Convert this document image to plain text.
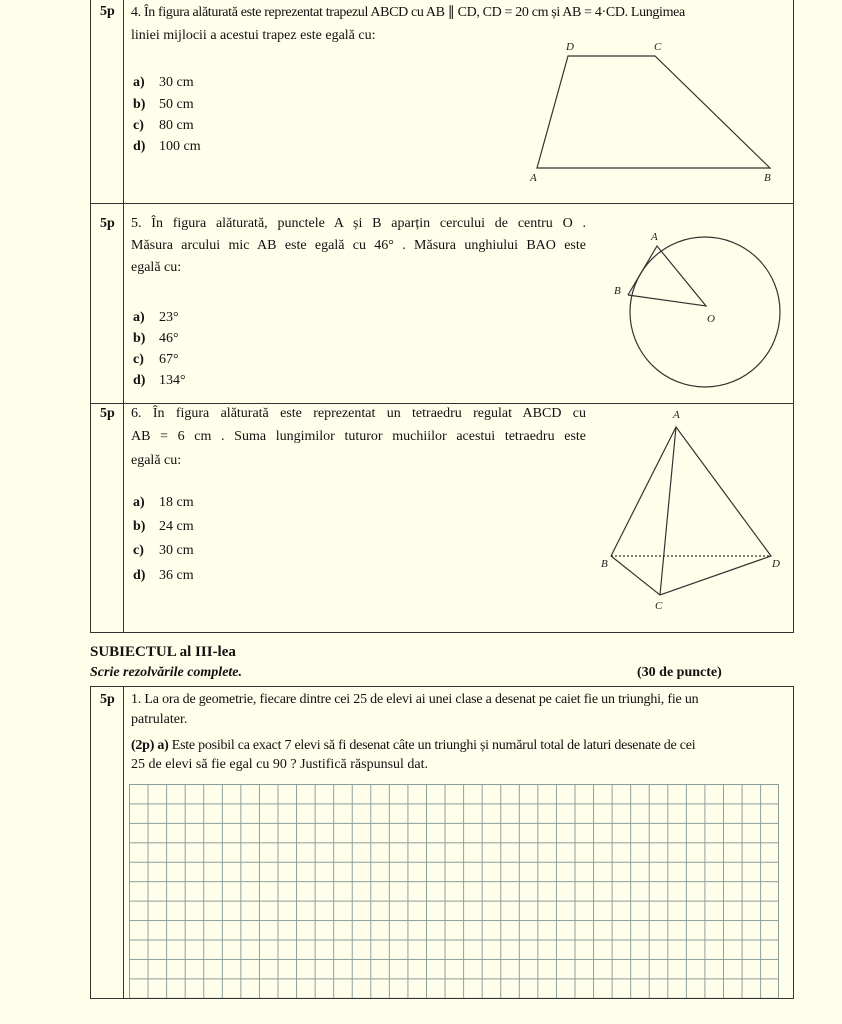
5p 4. În figura alăturată este reprezentat trapezul ABCD cu AB ∥ CD, CD = 20 cm și AB = 4·CD. Lungimea
liniei mijlocii a acestui trapez este egală cu:
a) 30 cm
b) 50 cm
c) 80 cm
d) 100 cm
5p 5. În figura alăturată, punctele A și B aparțin cercului de centru O .
Măsura arcului mic AB este egală cu 46° . Măsura unghiului BAO este
egală cu:
a) 23°
b) 46°
c) 67°
d) 134°
5p 6. În figura alăturată este reprezentat un tetraedru regulat ABCD cu
AB = 6 cm . Suma lungimilor tuturor muchiilor acestui tetraedru este
egală cu:
a) 18 cm
b) 24 cm
c) 30 cm
d) 36 cm
D	C
A	B
A
B
O
A
B
C
D
SUBIECTUL al III-lea
Scrie rezolvările complete.	(30 de puncte)
5p 1. La ora de geometrie, fiecare dintre cei 25 de elevi ai unei clase a desenat pe caiet fie un triunghi, fie un
patrulater.
(2p) a) Este posibil ca exact 7 elevi să fi desenat câte un triunghi și numărul total de laturi desenate de cei
25 de elevi să fie egal cu 90 ? Justifică răspunsul dat.
